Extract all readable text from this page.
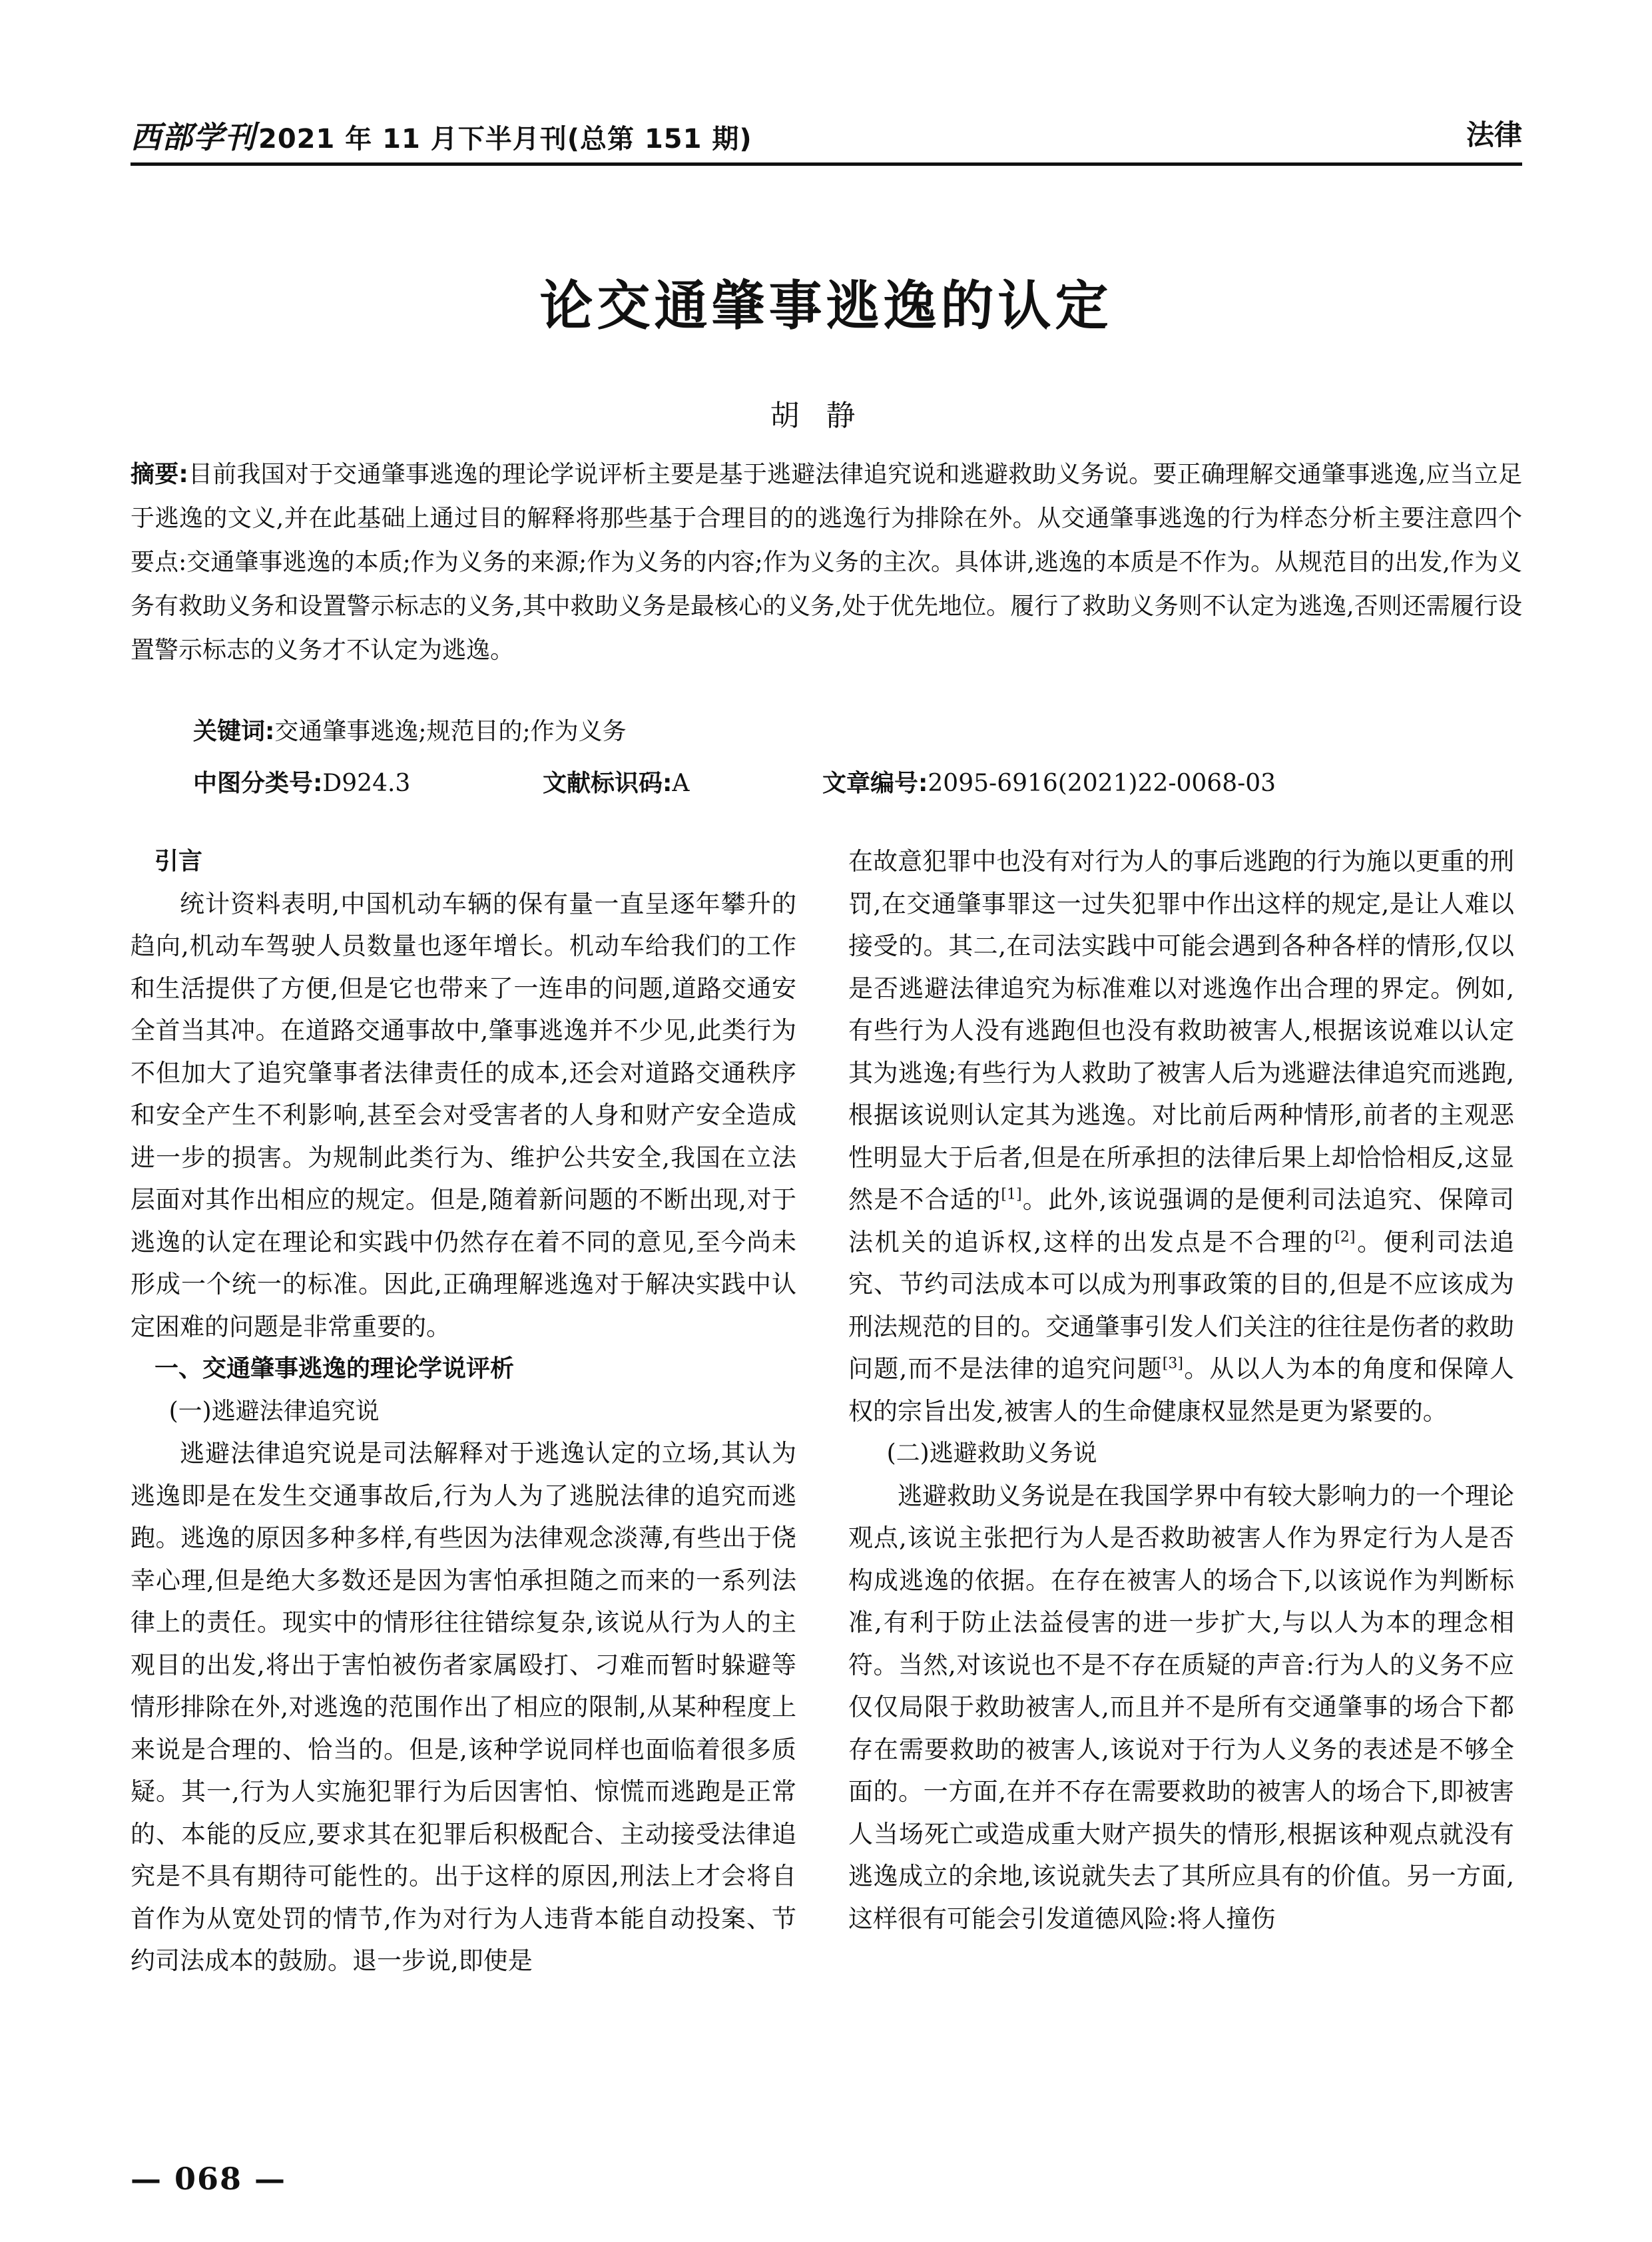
西部学刊 2021 年 11 月下半月刊(总第 151 期)	法律
论交通肇事逃逸的认定
胡静
摘要:目前我国对于交通肇事逃逸的理论学说评析主要是基于逃避法律追究说和逃避救助义务说。要正确理解交通肇事逃逸,应当立足于逃逸的文义,并在此基础上通过目的解释将那些基于合理目的的逃逸行为排除在外。从交通肇事逃逸的行为样态分析主要注意四个要点:交通肇事逃逸的本质;作为义务的来源;作为义务的内容;作为义务的主次。具体讲,逃逸的本质是不作为。从规范目的出发,作为义务有救助义务和设置警示标志的义务,其中救助义务是最核心的义务,处于优先地位。履行了救助义务则不认定为逃逸,否则还需履行设置警示标志的义务才不认定为逃逸。
关键词:交通肇事逃逸;规范目的;作为义务
中图分类号:D924.3	文献标识码:A	文章编号:2095-6916(2021)22-0068-03

引言

统计资料表明,中国机动车辆的保有量一直呈逐年攀升的趋向,机动车驾驶人员数量也逐年增长。机动车给我们的工作和生活提供了方便,但是它也带来了一连串的问题,道路交通安全首当其冲。在道路交通事故中,肇事逃逸并不少见,此类行为不但加大了追究肇事者法律责任的成本,还会对道路交通秩序和安全产生不利影响,甚至会对受害者的人身和财产安全造成进一步的损害。为规制此类行为、维护公共安全,我国在立法层面对其作出相应的规定。但是,随着新问题的不断出现,对于逃逸的认定在理论和实践中仍然存在着不同的意见,至今尚未形成一个统一的标准。因此,正确理解逃逸对于解决实践中认定困难的问题是非常重要的。

一、交通肇事逃逸的理论学说评析

(一)逃避法律追究说

逃避法律追究说是司法解释对于逃逸认定的立场,其认为逃逸即是在发生交通事故后,行为人为了逃脱法律的追究而逃跑。逃逸的原因多种多样,有些因为法律观念淡薄,有些出于侥幸心理,但是绝大多数还是因为害怕承担随之而来的一系列法律上的责任。现实中的情形往往错综复杂,该说从行为人的主观目的出发,将出于害怕被伤者家属殴打、刁难而暂时躲避等情形排除在外,对逃逸的范围作出了相应的限制,从某种程度上来说是合理的、恰当的。但是,该种学说同样也面临着很多质疑。其一,行为人实施犯罪行为后因害怕、惊慌而逃跑是正常的、本能的反应,要求其在犯罪后积极配合、主动接受法律追究是不具有期待可能性的。出于这样的原因,刑法上才会将自首作为从宽处罚的情节,作为对行为人违背本能自动投案、节约司法成本的鼓励。退一步说,即使是

在故意犯罪中也没有对行为人的事后逃跑的行为施以更重的刑罚,在交通肇事罪这一过失犯罪中作出这样的规定,是让人难以接受的。其二,在司法实践中可能会遇到各种各样的情形,仅以是否逃避法律追究为标准难以对逃逸作出合理的界定。例如,有些行为人没有逃跑但也没有救助被害人,根据该说难以认定其为逃逸;有些行为人救助了被害人后为逃避法律追究而逃跑,根据该说则认定其为逃逸。对比前后两种情形,前者的主观恶性明显大于后者,但是在所承担的法律后果上却恰恰相反,这显然是不合适的[1]。此外,该说强调的是便利司法追究、保障司法机关的追诉权,这样的出发点是不合理的[2]。便利司法追究、节约司法成本可以成为刑事政策的目的,但是不应该成为刑法规范的目的。交通肇事引发人们关注的往往是伤者的救助问题,而不是法律的追究问题[3]。从以人为本的角度和保障人权的宗旨出发,被害人的生命健康权显然是更为紧要的。

(二)逃避救助义务说

逃避救助义务说是在我国学界中有较大影响力的一个理论观点,该说主张把行为人是否救助被害人作为界定行为人是否构成逃逸的依据。在存在被害人的场合下,以该说作为判断标准,有利于防止法益侵害的进一步扩大,与以人为本的理念相符。当然,对该说也不是不存在质疑的声音:行为人的义务不应仅仅局限于救助被害人,而且并不是所有交通肇事的场合下都存在需要救助的被害人,该说对于行为人义务的表述是不够全面的。一方面,在并不存在需要救助的被害人的场合下,即被害人当场死亡或造成重大财产损失的情形,根据该种观点就没有逃逸成立的余地,该说就失去了其所应具有的价值。另一方面,这样很有可能会引发道德风险:将人撞伤

— 068 —
